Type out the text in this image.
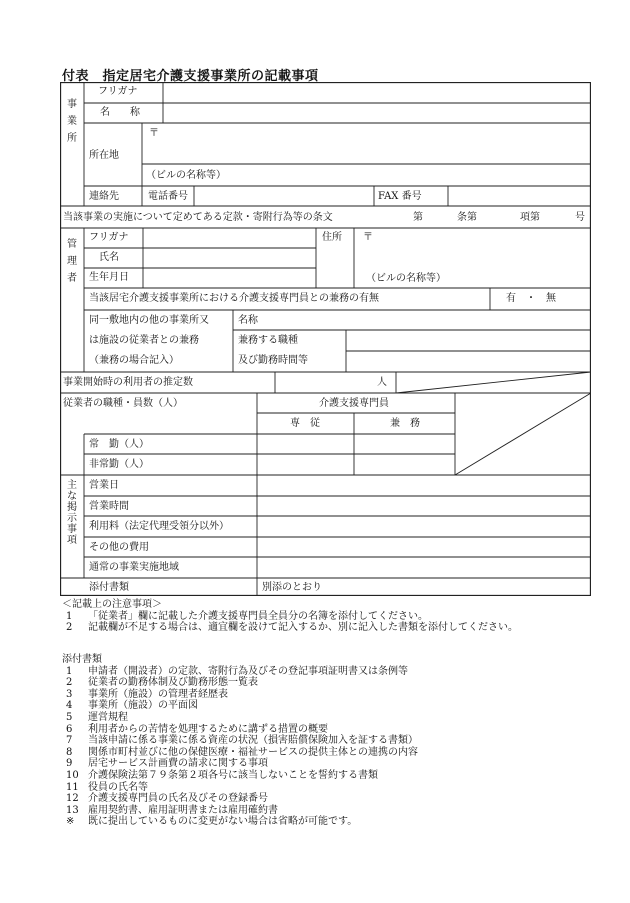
付表　指定居宅介護支援事業所の記載事項
事業所
フリガナ
名　　称
所在地
〒
（ビルの名称等）
連絡先	電話番号	FAX 番号
当該事業の実施について定めてある定款・寄附行為等の条文	第	条第	項第	号
管理者
フリガナ
氏名
生年月日
住所 〒
（ビルの名称等）
当該居宅介護支援事業所における介護支援専門員との兼務の有無	有　・　無
同一敷地内の他の事業所又
は施設の従業者との兼務
（兼務の場合記入）
名称
兼務する職種
及び勤務時間等
事業開始時の利用者の推定数	人
従業者の職種・員数（人）	介護支援専門員
専　従	兼　務
常　勤（人）
非常勤（人）
主な掲示事項
営業日
営業時間
利用料（法定代理受領分以外）
その他の費用
通常の事業実施地域
添付書類	別添のとおり
＜記載上の注意事項＞
1 「従業者」欄に記載した介護支援専門員全員分の名簿を添付してください。
2 記載欄が不足する場合は、適宜欄を設けて記入するか、別に記入した書類を添付してください。
添付書類
1 申請者（開設者）の定款、寄附行為及びその登記事項証明書又は条例等
2 従業者の勤務体制及び勤務形態一覧表
3 事業所（施設）の管理者経歴表
4 事業所（施設）の平面図
5 運営規程
6 利用者からの苦情を処理するために講ずる措置の概要
7 当該申請に係る事業に係る資産の状況（損害賠償保険加入を証する書類）
8 関係市町村並びに他の保健医療・福祉サービスの提供主体との連携の内容
9 居宅サービス計画費の請求に関する事項
10 介護保険法第７９条第２項各号に該当しないことを誓約する書類
11 役員の氏名等
12 介護支援専門員の氏名及びその登録番号
13 雇用契約書、雇用証明書または雇用確約書
※ 既に提出しているものに変更がない場合は省略が可能です。
